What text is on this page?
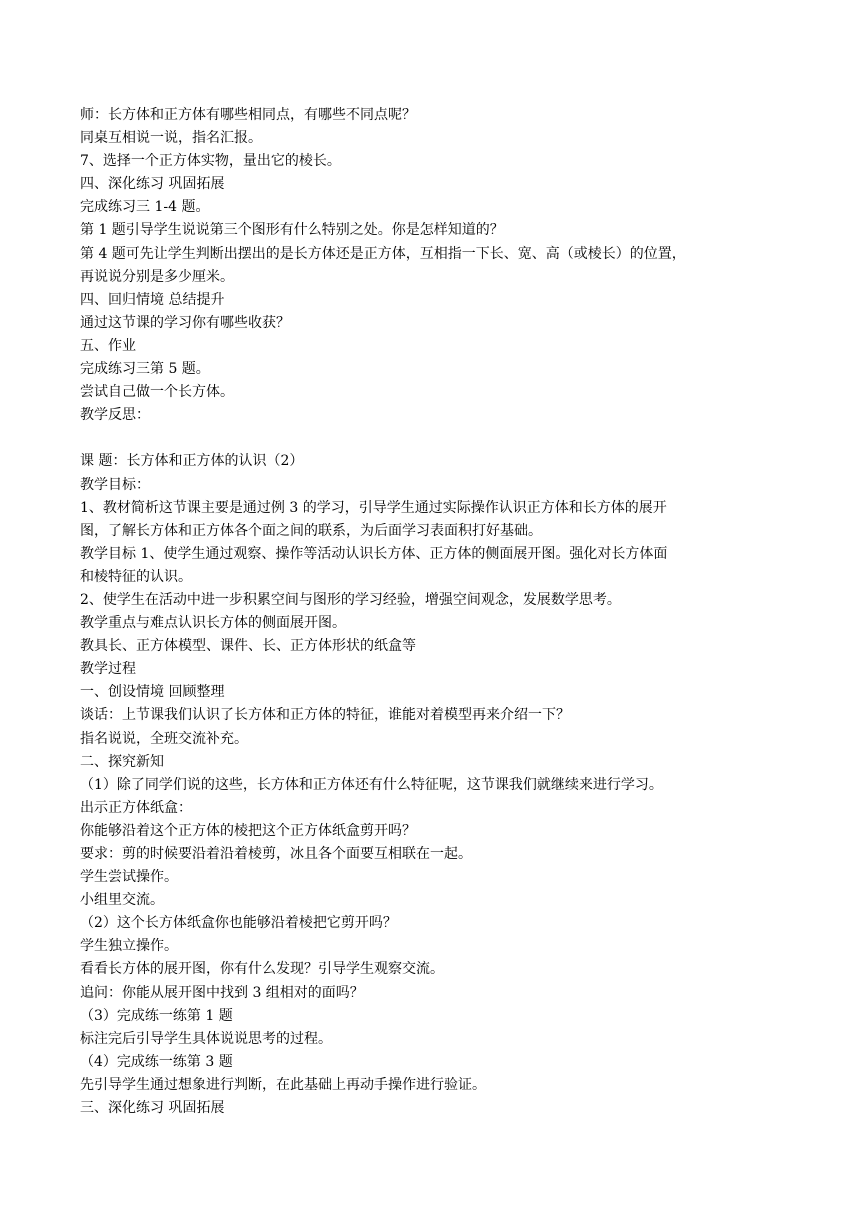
师：长方体和正方体有哪些相同点，有哪些不同点呢？
同桌互相说一说，指名汇报。
7、选择一个正方体实物，量出它的棱长。
四、深化练习 巩固拓展
完成练习三 1-4 题。
第 1 题引导学生说说第三个图形有什么特别之处。你是怎样知道的？
第 4 题可先让学生判断出摆出的是长方体还是正方体，互相指一下长、宽、高（或棱长）的位置，
再说说分别是多少厘米。
四、回归情境 总结提升
通过这节课的学习你有哪些收获？
五、作业
完成练习三第 5 题。
尝试自己做一个长方体。
教学反思：
课 题：长方体和正方体的认识（2）
教学目标：
1、教材简析这节课主要是通过例 3 的学习，引导学生通过实际操作认识正方体和长方体的展开
图，了解长方体和正方体各个面之间的联系，为后面学习表面积打好基础。
教学目标 1、使学生通过观察、操作等活动认识长方体、正方体的侧面展开图。强化对长方体面
和棱特征的认识。
2、使学生在活动中进一步积累空间与图形的学习经验，增强空间观念，发展数学思考。
教学重点与难点认识长方体的侧面展开图。
教具长、正方体模型、课件、长、正方体形状的纸盒等
教学过程
一、创设情境 回顾整理
谈话：上节课我们认识了长方体和正方体的特征，谁能对着模型再来介绍一下？
指名说说，全班交流补充。
二、探究新知
（1）除了同学们说的这些，长方体和正方体还有什么特征呢，这节课我们就继续来进行学习。
出示正方体纸盒：
你能够沿着这个正方体的棱把这个正方体纸盒剪开吗？
要求：剪的时候要沿着沿着棱剪，冰且各个面要互相联在一起。
学生尝试操作。
小组里交流。
（2）这个长方体纸盒你也能够沿着棱把它剪开吗？
学生独立操作。
看看长方体的展开图，你有什么发现？引导学生观察交流。
追问：你能从展开图中找到 3 组相对的面吗？
（3）完成练一练第 1 题
标注完后引导学生具体说说思考的过程。
（4）完成练一练第 3 题
先引导学生通过想象进行判断，在此基础上再动手操作进行验证。
三、深化练习 巩固拓展
